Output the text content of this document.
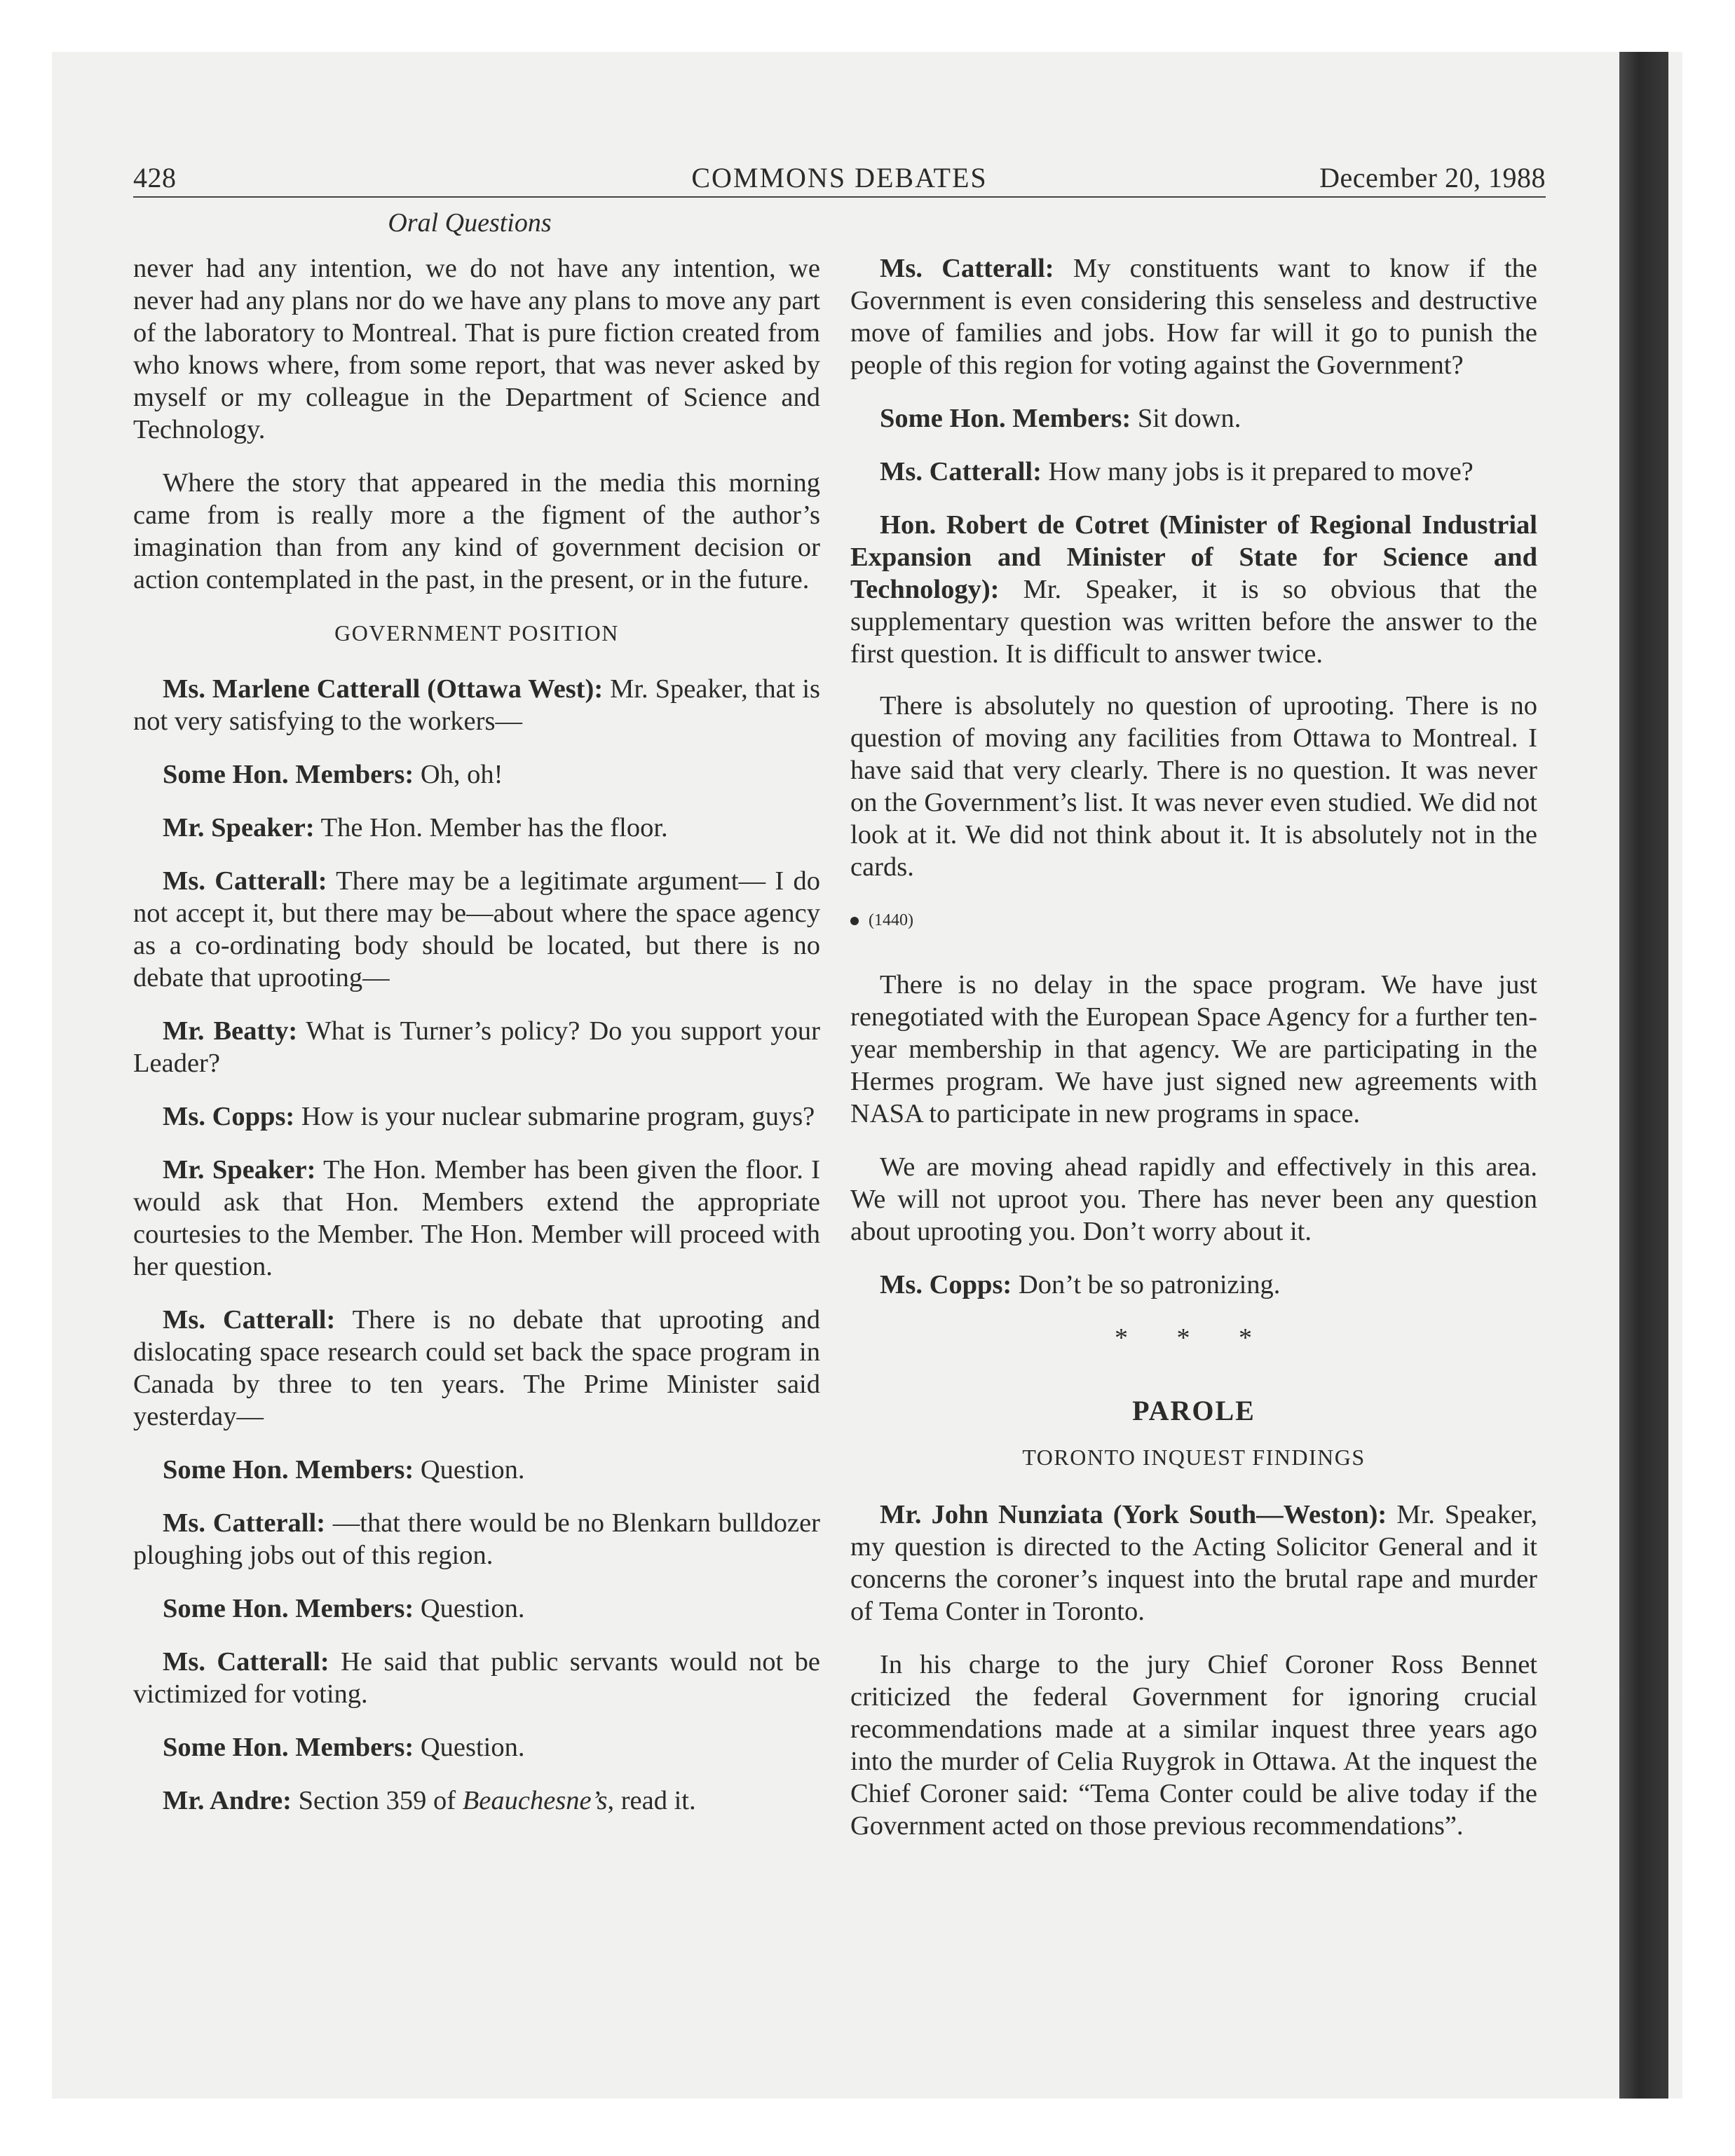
428	COMMONS DEBATES	December 20, 1988
Oral Questions

never had any intention, we do not have any intention, we never had any plans nor do we have any plans to move any part of the laboratory to Montreal. That is pure fiction created from who knows where, from some report, that was never asked by myself or my colleague in the Department of Science and Technology.

Where the story that appeared in the media this morning came from is really more a the figment of the author’s imagination than from any kind of government decision or action contemplated in the past, in the present, or in the future.

GOVERNMENT POSITION

Ms. Marlene Catterall (Ottawa West): Mr. Speaker, that is not very satisfying to the workers—

Some Hon. Members: Oh, oh!

Mr. Speaker: The Hon. Member has the floor.

Ms. Catterall: There may be a legitimate argument— I do not accept it, but there may be—about where the space agency as a co-ordinating body should be located, but there is no debate that uprooting—

Mr. Beatty: What is Turner’s policy? Do you support your Leader?

Ms. Copps: How is your nuclear submarine program, guys?

Mr. Speaker: The Hon. Member has been given the floor. I would ask that Hon. Members extend the appropriate courtesies to the Member. The Hon. Member will proceed with her question.

Ms. Catterall: There is no debate that uprooting and dislocating space research could set back the space program in Canada by three to ten years. The Prime Minister said yesterday—

Some Hon. Members: Question.

Ms. Catterall: —that there would be no Blenkarn bulldozer ploughing jobs out of this region.

Some Hon. Members: Question.

Ms. Catterall: He said that public servants would not be victimized for voting.

Some Hon. Members: Question.

Mr. Andre: Section 359 of Beauchesne’s, read it.

Ms. Catterall: My constituents want to know if the Government is even considering this senseless and destructive move of families and jobs. How far will it go to punish the people of this region for voting against the Government?

Some Hon. Members: Sit down.

Ms. Catterall: How many jobs is it prepared to move?

Hon. Robert de Cotret (Minister of Regional Industrial Expansion and Minister of State for Science and Technology): Mr. Speaker, it is so obvious that the supplementary question was written before the answer to the first question. It is difficult to answer twice.

There is absolutely no question of uprooting. There is no question of moving any facilities from Ottawa to Montreal. I have said that very clearly. There is no question. It was never on the Government’s list. It was never even studied. We did not look at it. We did not think about it. It is absolutely not in the cards.

(1440)

There is no delay in the space program. We have just renegotiated with the European Space Agency for a further ten-year membership in that agency. We are participating in the Hermes program. We have just signed new agreements with NASA to participate in new programs in space.

We are moving ahead rapidly and effectively in this area. We will not uproot you. There has never been any question about uprooting you. Don’t worry about it.

Ms. Copps: Don’t be so patronizing.

* * *
PAROLE
TORONTO INQUEST FINDINGS

Mr. John Nunziata (York South—Weston): Mr. Speaker, my question is directed to the Acting Solicitor General and it concerns the coroner’s inquest into the brutal rape and murder of Tema Conter in Toronto.

In his charge to the jury Chief Coroner Ross Bennet criticized the federal Government for ignoring crucial recommendations made at a similar inquest three years ago into the murder of Celia Ruygrok in Ottawa. At the inquest the Chief Coroner said: “Tema Conter could be alive today if the Government acted on those previous recommendations”.
